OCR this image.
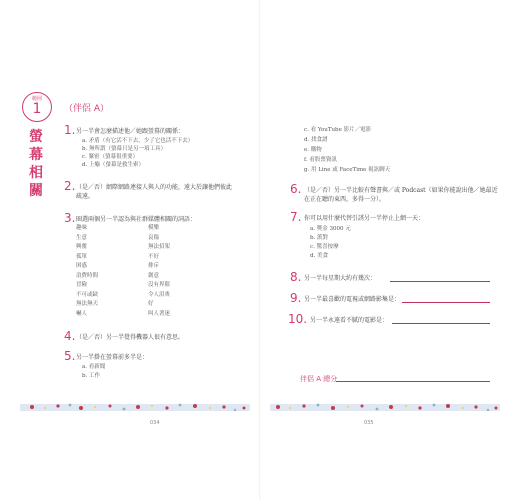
範囲
1
螢
幕
相
關
（伴侶 A）
1. 另一半會怎麼描述他／她跟螢幕的關係：
a. 矛盾（有它活不下去，少了它也活不下去）
b. 無所謂（螢幕只是另一項工具）
c. 緊密（螢幕很重要）
d. 上癮（螢幕是救生索）
2. （是／否）網際網路連接人與人的功能，遠大於讓他們彼此疏遠。
3. 圈選兩個另一半認為與社群媒體相關的詞語：
趣味
生意
興奮
孤單
困惑
浪費時間
冒險
不可或缺
無法無天
嚇人
模樂
哀傷
無法招架
不好
排斥
創意
沒有界限
令人泪喪
好
叫人著迷
4. （是／否）另一半覺得機器人很有意思。
5. 另一半掛在螢幕前多半是：
a. 看新聞
b. 工作
c. 看 YouTube 影片／電影
d. 找食譜
e. 購物
f. 看股票資訊
g. 用 Line 或 FaceTime 視訊聊天
6. （是／否）另一半比較有聲書與／或 Podcast（如果你能說出他／她最近在正在聽的東西，多得一分）。
7. 你可以用什麼代替引誘另一半停止上網一天：
a. 獎金 3000 元
b. 派對
c. 驚喜按摩
d. 美食
8. 另一半每星期大約有幾次：
9. 另一半最喜歡的電視或網路影集是：
10. 另一半永遠看不膩的電影是：
伴侶 A 總分
034	035
